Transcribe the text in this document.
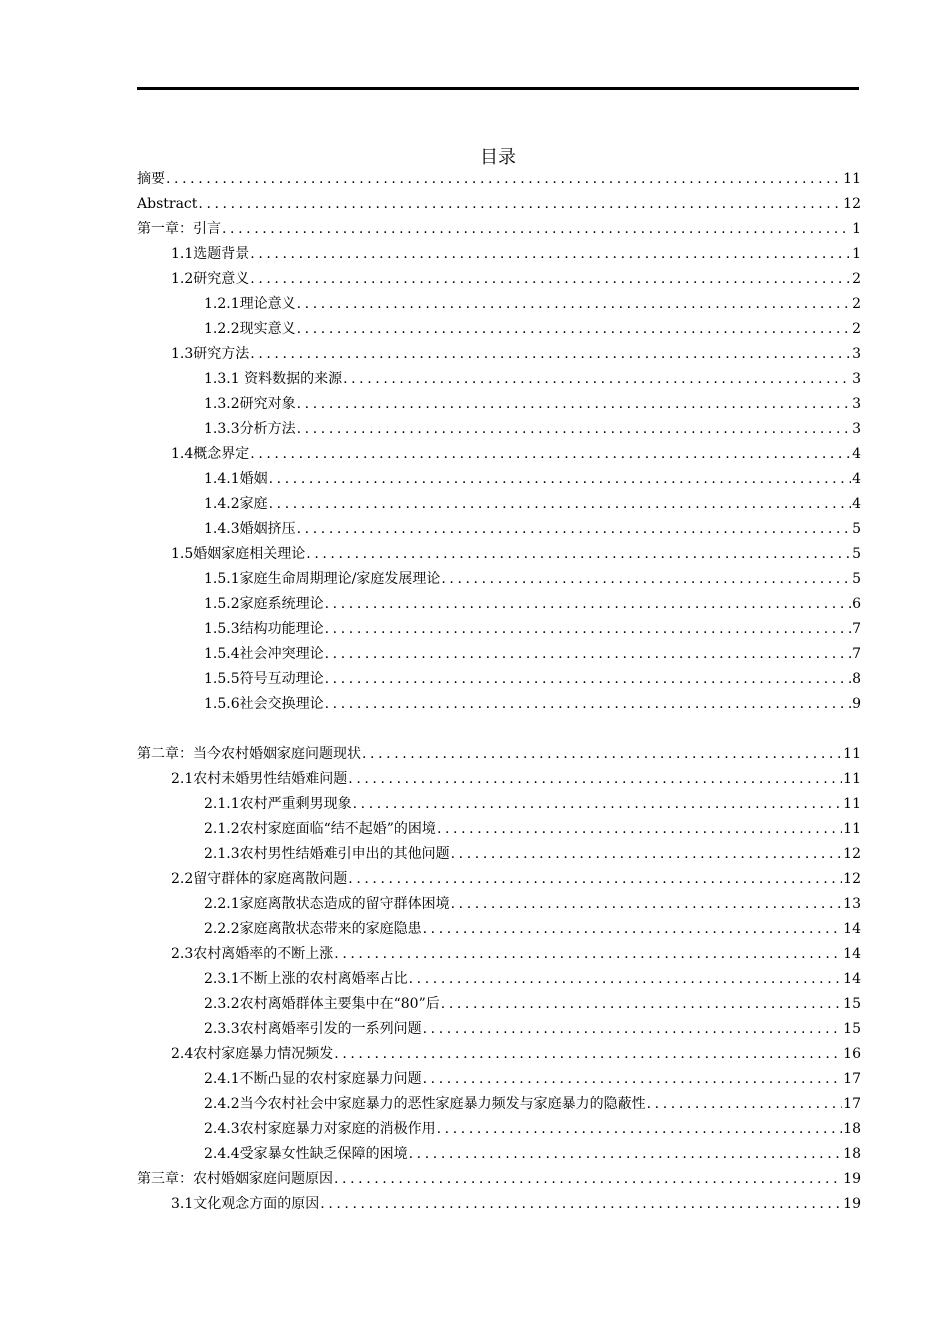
目录
摘要 .....	11
Abstract .....	12
第一章：引言 .....	1
1.1选题背景 .....	1
1.2研究意义 .....	2
1.2.1理论意义 .....	2
1.2.2现实意义 .....	2
1.3研究方法 .....	3
1.3.1 资料数据的来源 .....	3
1.3.2研究对象 .....	3
1.3.3分析方法 .....	3
1.4概念界定 .....	4
1.4.1婚姻 .....	4
1.4.2家庭 .....	4
1.4.3婚姻挤压 .....	5
1.5婚姻家庭相关理论 .....	5
1.5.1家庭生命周期理论/家庭发展理论 .....	5
1.5.2家庭系统理论 .....	6
1.5.3结构功能理论 .....	7
1.5.4社会冲突理论 .....	7
1.5.5符号互动理论 .....	8
1.5.6社会交换理论 .....	9
第二章：当今农村婚姻家庭问题现状 .....	11
2.1农村未婚男性结婚难问题 .....	11
2.1.1农村严重剩男现象 .....	11
2.1.2农村家庭面临“结不起婚”的困境 .....	11
2.1.3农村男性结婚难引申出的其他问题 .....	12
2.2留守群体的家庭离散问题 .....	12
2.2.1家庭离散状态造成的留守群体困境 .....	13
2.2.2家庭离散状态带来的家庭隐患 .....	14
2.3农村离婚率的不断上涨 .....	14
2.3.1不断上涨的农村离婚率占比 .....	14
2.3.2农村离婚群体主要集中在“80”后 .....	15
2.3.3农村离婚率引发的一系列问题 .....	15
2.4农村家庭暴力情况频发 .....	16
2.4.1不断凸显的农村家庭暴力问题 .....	17
2.4.2当今农村社会中家庭暴力的恶性家庭暴力频发与家庭暴力的隐蔽性 .....	17
2.4.3农村家庭暴力对家庭的消极作用 .....	18
2.4.4受家暴女性缺乏保障的困境 .....	18
第三章：农村婚姻家庭问题原因 .....	19
3.1文化观念方面的原因 .....	19
